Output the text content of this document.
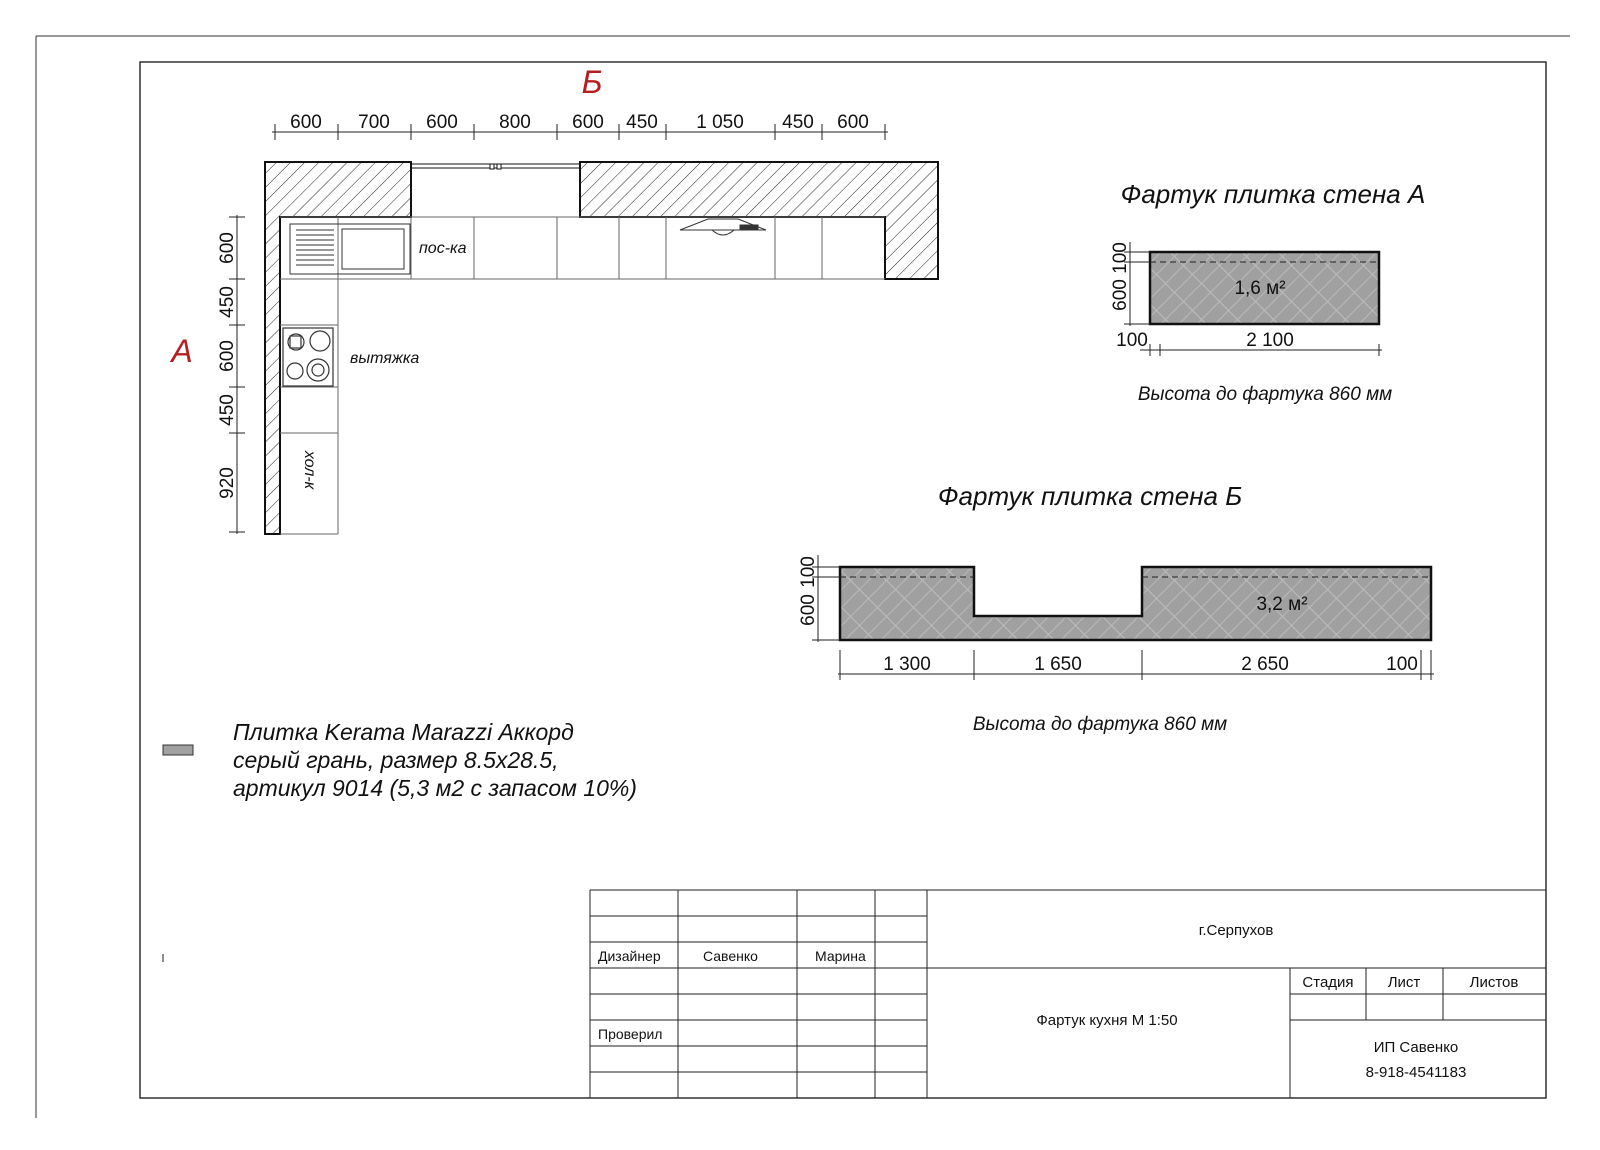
Б
А
600 700 600 800 600 450 1 050 450 600
600
450
600
450
920
пос-ка
вытяжка
хол-к
Фартук плитка стена А
1,6 м²
100
600
100	2 100
Высота до фартука 860 мм
Фартук плитка стена Б
3,2 м²
100
600
1 300	1 650	2 650	100
Высота до фартука 860 мм
Плитка Kerama Marazzi Аккорд
серый грань, размер 8.5х28.5,
артикул 9014 (5,3 м2 с запасом 10%)
Дизайнер	Савенко	Марина
Проверил
г.Серпухов
Фартук кухня М 1:50
Стадия Лист	Листов
ИП Савенко
8-918-4541183
